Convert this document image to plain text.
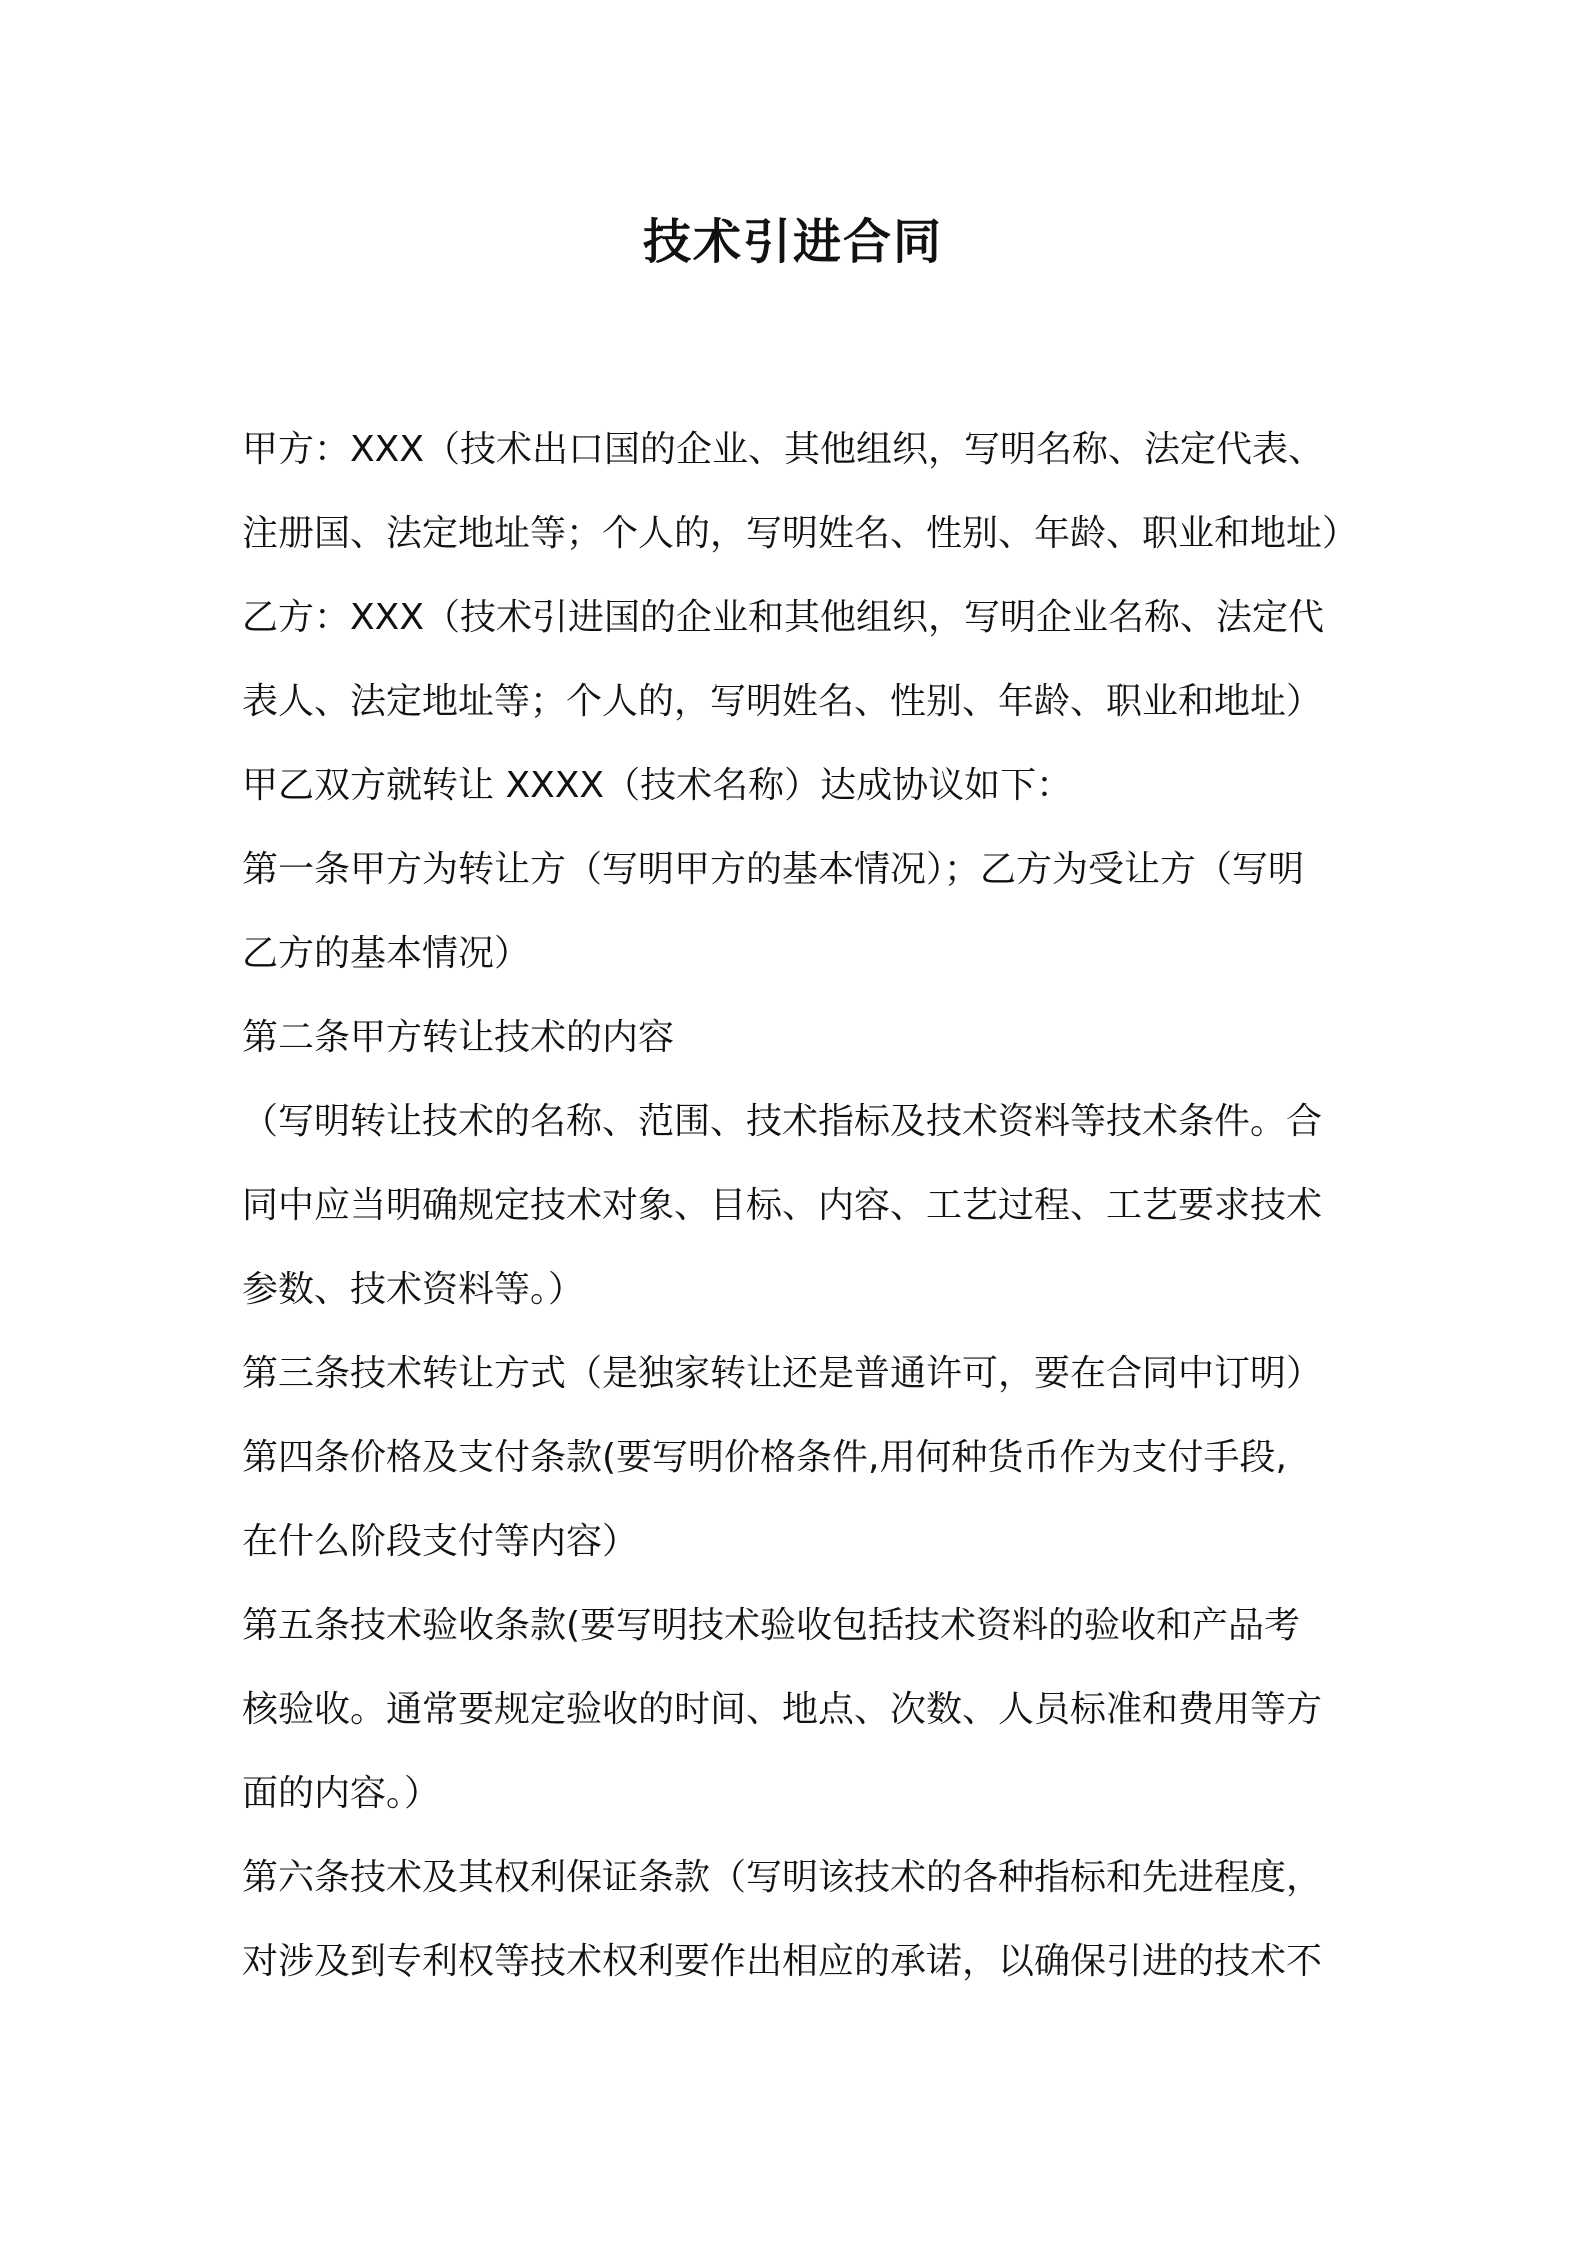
技术引进合同
甲方：XXX（技术出口国的企业、其他组织，写明名称、法定代表、
注册国、法定地址等；个人的，写明姓名、性别、年龄、职业和地址）
乙方：XXX（技术引进国的企业和其他组织，写明企业名称、法定代
表人、法定地址等；个人的，写明姓名、性别、年龄、职业和地址）
甲乙双方就转让 XXXX（技术名称）达成协议如下：
第一条甲方为转让方（写明甲方的基本情况）；乙方为受让方（写明
乙方的基本情况）
第二条甲方转让技术的内容
（写明转让技术的名称、范围、技术指标及技术资料等技术条件。合
同中应当明确规定技术对象、目标、内容、工艺过程、工艺要求技术
参数、技术资料等。）
第三条技术转让方式（是独家转让还是普通许可，要在合同中订明）
第四条价格及支付条款(要写明价格条件,用何种货币作为支付手段,
在什么阶段支付等内容）
第五条技术验收条款(要写明技术验收包括技术资料的验收和产品考
核验收。通常要规定验收的时间、地点、次数、人员标准和费用等方
面的内容。）
第六条技术及其权利保证条款（写明该技术的各种指标和先进程度，
对涉及到专利权等技术权利要作出相应的承诺，以确保引进的技术不
